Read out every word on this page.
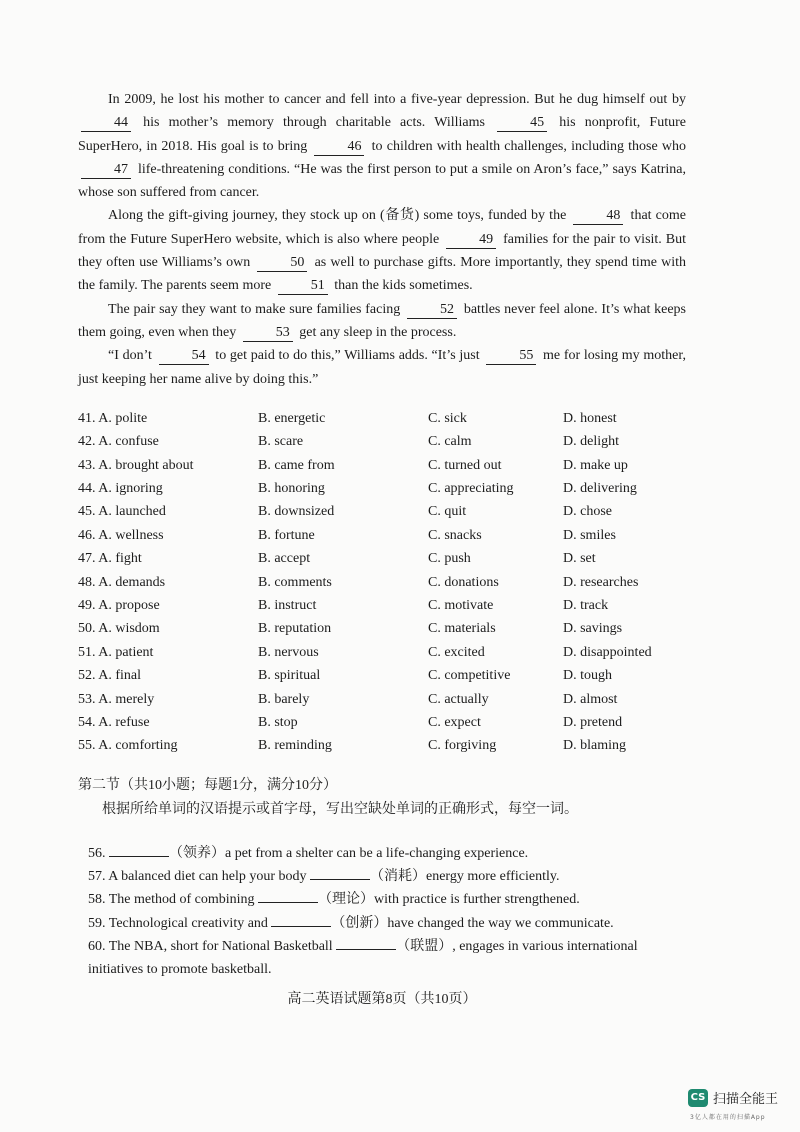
In 2009, he lost his mother to cancer and fell into a five-year depression. But he dug himself out by 44 his mother’s memory through charitable acts. Williams	45 his nonprofit, Future SuperHero, in 2018. His goal is to bring	46 to children with health challenges, including those who 47 life-threatening conditions. “He was the first person to put a smile on Aron’s face,” says Katrina, whose son suffered from cancer.

Along the gift-giving journey, they stock up on (备货) some toys, funded by the	48 that come from the Future SuperHero website, which is also where people	49 families for the pair to visit. But they often use Williams’s own	50 as well to purchase gifts. More importantly, they spend time with the family. The parents seem more	51 than the kids sometimes.

The pair say they want to make sure families facing	52 battles never feel alone. It’s what keeps them going, even when they	53 get any sleep in the process.

“I don’t	54 to get paid to do this,” Williams adds. “It’s just	55 me for losing my mother, just keeping her name alive by doing this.”

41. A. polite	B. energetic	C. sick	D. honest
42. A. confuse	B. scare	C. calm	D. delight
43. A. brought about	B. came from	C. turned out	D. make up
44. A. ignoring	B. honoring	C. appreciating	D. delivering
45. A. launched	B. downsized	C. quit	D. chose
46. A. wellness	B. fortune	C. snacks	D. smiles
47. A. fight	B. accept	C. push	D. set
48. A. demands	B. comments	C. donations	D. researches
49. A. propose	B. instruct	C. motivate	D. track
50. A. wisdom	B. reputation	C. materials	D. savings
51. A. patient	B. nervous	C. excited	D. disappointed
52. A. final	B. spiritual	C. competitive	D. tough
53. A. merely	B. barely	C. actually	D. almost
54. A. refuse	B. stop	C. expect	D. pretend
55. A. comforting	B. reminding	C. forgiving	D. blaming
第二节（共10小题；每题1分，满分10分）
根据所给单词的汉语提示或首字母，写出空缺处单词的正确形式，每空一词。

56.	（领养）a pet from a shelter can be a life-changing experience.

57. A balanced diet can help your body	（消耗）energy more efficiently.

58. The method of combining	（理论）with practice is further strengthened.

59. Technological creativity and	（创新）have changed the way we communicate.

60. The NBA, short for National Basketball	（联盟）, engages in various international initiatives to promote basketball.

高二英语试题第8页（共10页）
CS 扫描全能王
3亿人都在用的扫描App
